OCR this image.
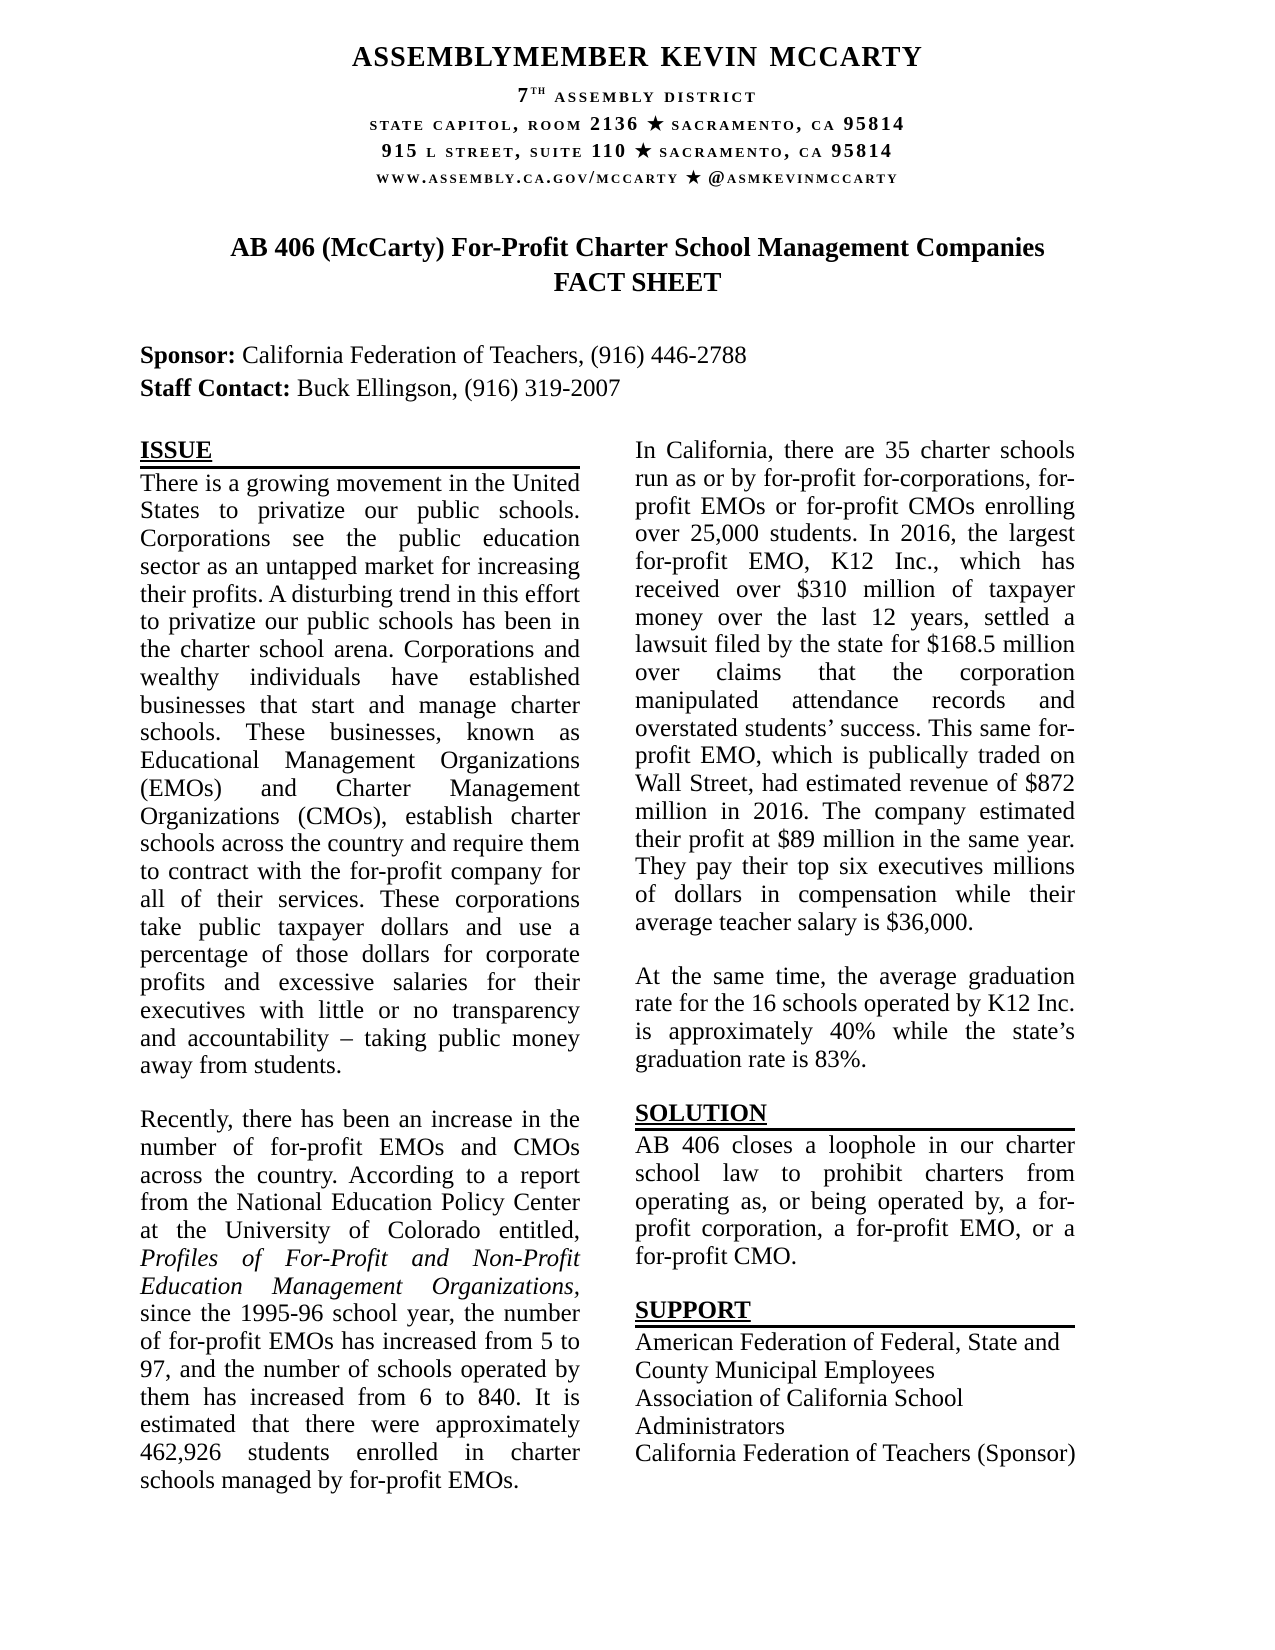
assemblymember kevin mccarty
7th assembly district
state capitol, room 2136 ★ sacramento, ca 95814
915 l street, suite 110 ★ sacramento, ca 95814
www.assembly.ca.gov/mccarty ★ @asmkevinmccarty
AB 406 (McCarty) For-Profit Charter School Management Companies
FACT SHEET
Sponsor: California Federation of Teachers, (916) 446-2788
Staff Contact: Buck Ellingson, (916) 319-2007
ISSUE

There is a growing movement in the United States to privatize our public schools. Corporations see the public education sector as an untapped market for increasing their profits. A disturbing trend in this effort to privatize our public schools has been in the charter school arena. Corporations and wealthy individuals have established businesses that start and manage charter schools. These businesses, known as Educational Management Organizations (EMOs) and Charter Management Organizations (CMOs), establish charter schools across the country and require them to contract with the for-profit company for all of their services. These corporations take public taxpayer dollars and use a percentage of those dollars for corporate profits and excessive salaries for their executives with little or no transparency and accountability – taking public money away from students.

Recently, there has been an increase in the number of for-profit EMOs and CMOs across the country. According to a report from the National Education Policy Center at the University of Colorado entitled, Profiles of For-Profit and Non-Profit Education Management Organizations, since the 1995-96 school year, the number of for-profit EMOs has increased from 5 to 97, and the number of schools operated by them has increased from 6 to 840. It is estimated that there were approximately 462,926 students enrolled in charter schools managed by for-profit EMOs.

In California, there are 35 charter schools run as or by for-profit for-corporations, for-profit EMOs or for-profit CMOs enrolling over 25,000 students. In 2016, the largest for-profit EMO, K12 Inc., which has received over $310 million of taxpayer money over the last 12 years, settled a lawsuit filed by the state for $168.5 million over claims that the corporation manipulated attendance records and overstated students’ success. This same for-profit EMO, which is publically traded on Wall Street, had estimated revenue of $872 million in 2016. The company estimated their profit at $89 million in the same year. They pay their top six executives millions of dollars in compensation while their average teacher salary is $36,000.

At the same time, the average graduation rate for the 16 schools operated by K12 Inc. is approximately 40% while the state’s graduation rate is 83%.

SOLUTION

AB 406 closes a loophole in our charter school law to prohibit charters from operating as, or being operated by, a for-profit corporation, a for-profit EMO, or a for-profit CMO.

SUPPORT
American Federation of Federal, State and
County Municipal Employees
Association of California School
Administrators
California Federation of Teachers (Sponsor)
